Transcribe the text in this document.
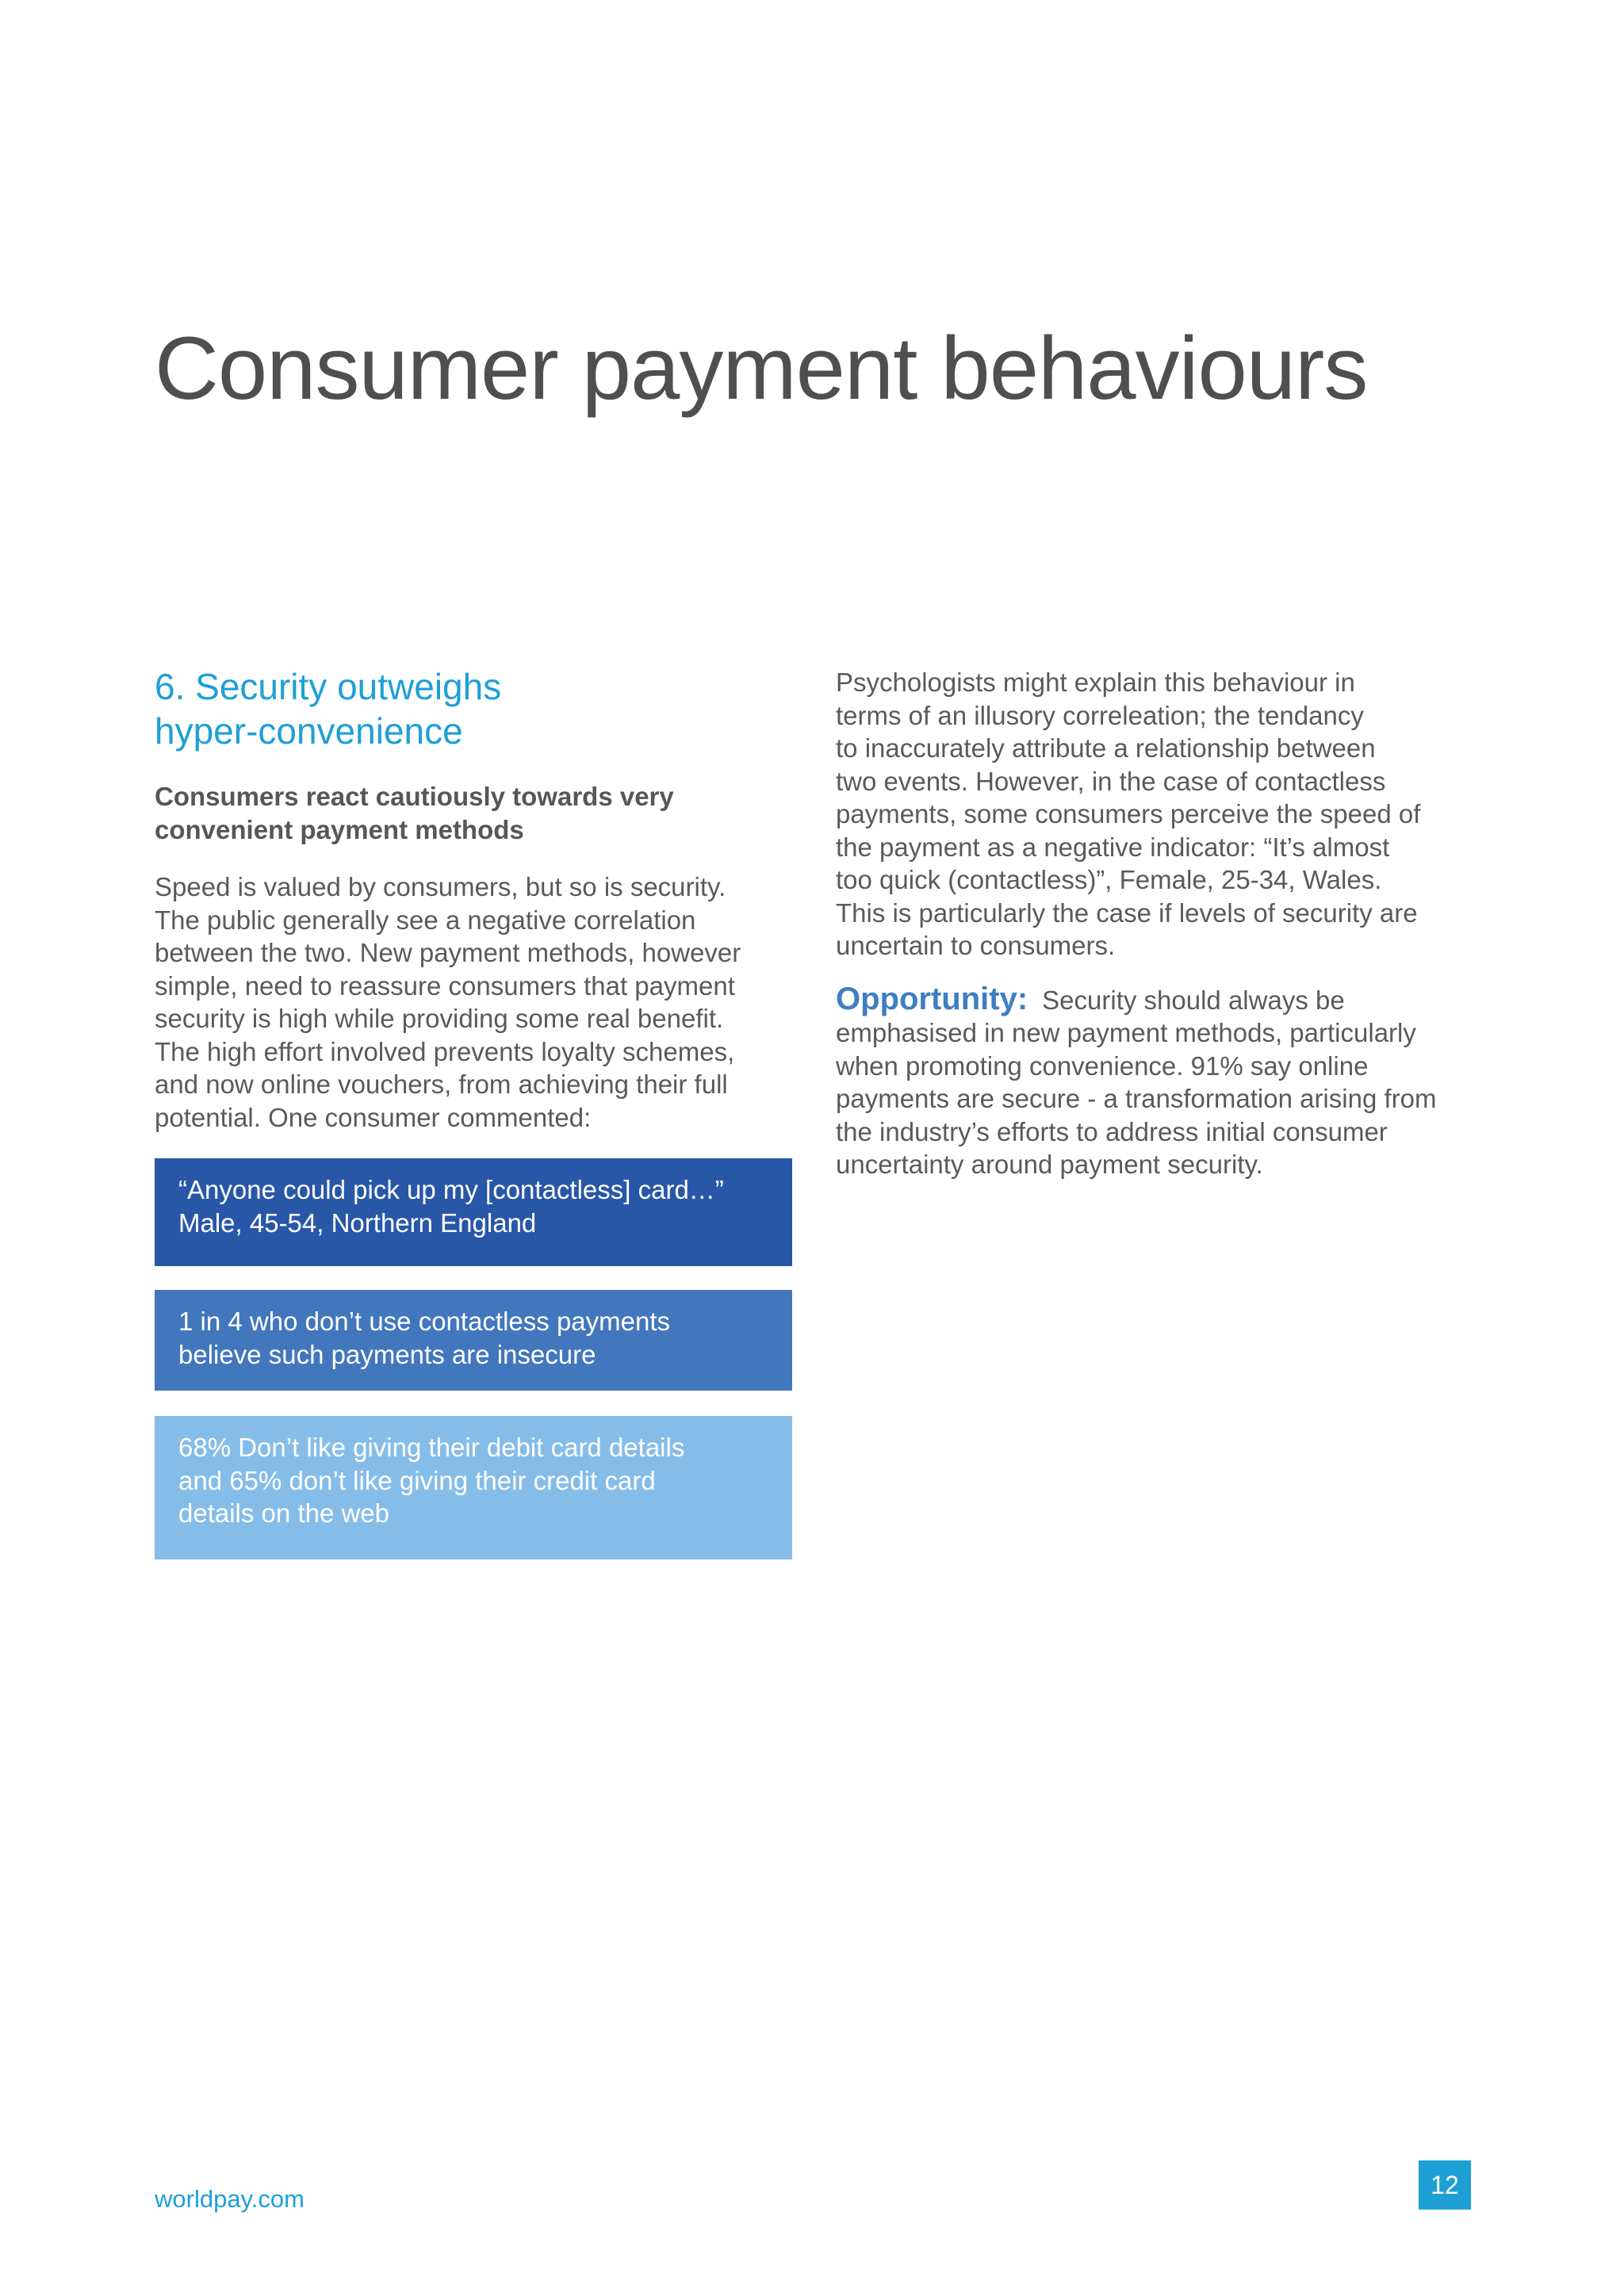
Consumer payment behaviours
6. Security outweighs
hyper-convenience

Consumers react cautiously towards very
convenient payment methods

Speed is valued by consumers, but so is security.
The public generally see a negative correlation
between the two. New payment methods, however
simple, need to reassure consumers that payment
security is high while providing some real benefit.
The high effort involved prevents loyalty schemes,
and now online vouchers, from achieving their full
potential. One consumer commented:

“Anyone could pick up my [contactless] card…”
Male, 45-54, Northern England
1 in 4 who don’t use contactless payments
believe such payments are insecure
68% Don’t like giving their debit card details
and 65% don’t like giving their credit card
details on the web

Psychologists might explain this behaviour in
terms of an illusory correleation; the tendancy
to inaccurately attribute a relationship between
two events. However, in the case of contactless
payments, some consumers perceive the speed of
the payment as a negative indicator: “It’s almost
too quick (contactless)”, Female, 25-34, Wales.
This is particularly the case if levels of security are
uncertain to consumers.

Opportunity: Security should always be
emphasised in new payment methods, particularly
when promoting convenience. 91% say online
payments are secure - a transformation arising from
the industry’s efforts to address initial consumer
uncertainty around payment security.

worldpay.com	12
